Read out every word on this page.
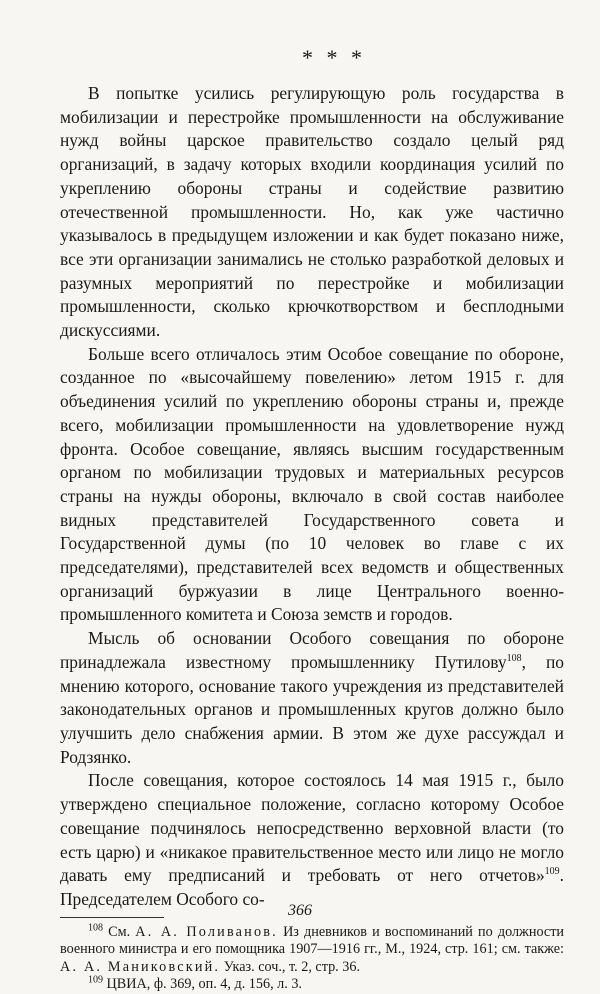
* * *

В попытке усились регулирующую роль государства в мобилизации и перестройке промышленности на обслуживание нужд войны царское правительство создало целый ряд организаций, в задачу которых входили координация усилий по укреплению обороны страны и содействие развитию отечественной промышленности. Но, как уже частично указывалось в предыдущем изложении и как будет показано ниже, все эти организации занимались не столько разработкой деловых и разумных мероприятий по перестройке и мобилизации промышленности, сколько крючкотворством и бесплодными дискуссиями.

Больше всего отличалось этим Особое совещание по обороне, созданное по «высочайшему повелению» летом 1915 г. для объединения усилий по укреплению обороны страны и, прежде всего, мобилизации промышленности на удовлетворение нужд фронта. Особое совещание, являясь высшим государственным органом по мобилизации трудовых и материальных ресурсов страны на нужды обороны, включало в свой состав наиболее видных представителей Государственного совета и Государственной думы (по 10 человек во главе с их председателями), представителей всех ведомств и общественных организаций буржуазии в лице Центрального военно-промышленного комитета и Союза земств и городов.

Мысль об основании Особого совещания по обороне принадлежала известному промышленнику Путилову$^{108}$, по мнению которого, основание такого учреждения из представителей законодательных органов и промышленных кругов должно было улучшить дело снабжения армии. В этом же духе рассуждал и Родзянко.

После совещания, которое состоялось 14 мая 1915 г., было утверждено специальное положение, согласно которому Особое совещание подчинялось непосредственно верховной власти (то есть царю) и «никакое правительственное место или лицо не могло давать ему предписаний и требовать от него отчетов»$^{109}$. Председателем Особого со-

$^{108}$ См. А. А. Поливанов. Из дневников и воспоминаний по должности военного министра и его помощника 1907—1916 гг., М., 1924, стр. 161; см. также: А. А. Маниковский. Указ. соч., т. 2, стр. 36.

$^{109}$ ЦВИА, ф. 369, оп. 4, д. 156, л. 3.

366
